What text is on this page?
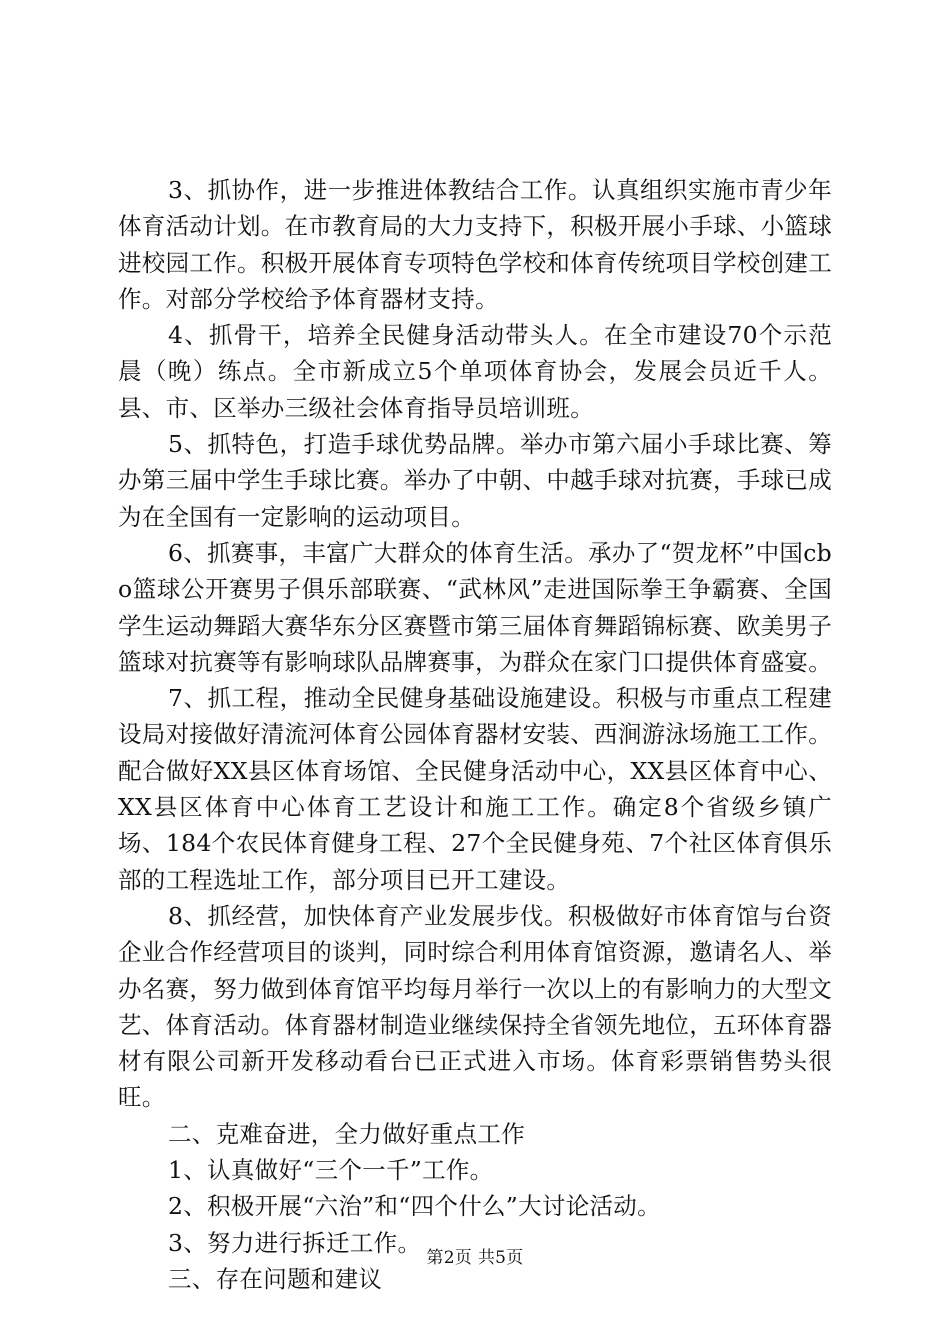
3、抓协作，进一步推进体教结合工作。认真组织实施市青少年体育活动计划。在市教育局的大力支持下，积极开展小手球、小篮球进校园工作。积极开展体育专项特色学校和体育传统项目学校创建工作。对部分学校给予体育器材支持。

4、抓骨干，培养全民健身活动带头人。在全市建设70个示范晨（晚）练点。全市新成立5个单项体育协会，发展会员近千人。县、市、区举办三级社会体育指导员培训班。

5、抓特色，打造手球优势品牌。举办市第六届小手球比赛、筹办第三届中学生手球比赛。举办了中朝、中越手球对抗赛，手球已成为在全国有一定影响的运动项目。

6、抓赛事，丰富广大群众的体育生活。承办了“贺龙杯”中国cbo篮球公开赛男子俱乐部联赛、“武林风”走进国际拳王争霸赛、全国学生运动舞蹈大赛华东分区赛暨市第三届体育舞蹈锦标赛、欧美男子篮球对抗赛等有影响球队品牌赛事，为群众在家门口提供体育盛宴。

7、抓工程，推动全民健身基础设施建设。积极与市重点工程建设局对接做好清流河体育公园体育器材安装、西涧游泳场施工工作。配合做好XX县区体育场馆、全民健身活动中心，XX县区体育中心、XX县区体育中心体育工艺设计和施工工作。确定8个省级乡镇广场、184个农民体育健身工程、27个全民健身苑、7个社区体育俱乐部的工程选址工作，部分项目已开工建设。

8、抓经营，加快体育产业发展步伐。积极做好市体育馆与台资企业合作经营项目的谈判，同时综合利用体育馆资源，邀请名人、举办名赛，努力做到体育馆平均每月举行一次以上的有影响力的大型文艺、体育活动。体育器材制造业继续保持全省领先地位，五环体育器材有限公司新开发移动看台已正式进入市场。体育彩票销售势头很旺。

二、克难奋进，全力做好重点工作

1、认真做好“三个一千”工作。

2、积极开展“六治”和“四个什么”大讨论活动。

3、努力进行拆迁工作。

三、存在问题和建议

第2页 共5页
